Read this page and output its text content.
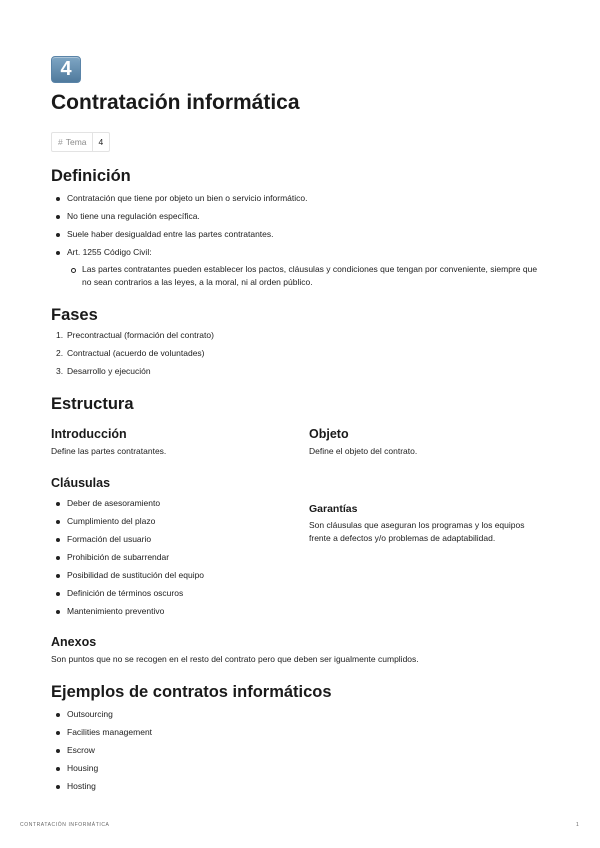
4
Contratación informática
# Tema	4
Definición
Contratación que tiene por objeto un bien o servicio informático.
No tiene una regulación específica.
Suele haber desigualdad entre las partes contratantes.
Art. 1255 Código Civil:
Las partes contratantes pueden establecer los pactos, cláusulas y condiciones que tengan por conveniente, siempre que
no sean contrarios a las leyes, a la moral, ni al orden público.
Fases
1. Precontractual (formación del contrato)
2. Contractual (acuerdo de voluntades)
3. Desarrollo y ejecución
Estructura
Introducción
Define las partes contratantes.
Objeto
Define el objeto del contrato.
Cláusulas
Deber de asesoramiento
Cumplimiento del plazo
Formación del usuario
Prohibición de subarrendar
Posibilidad de sustitución del equipo
Definición de términos oscuros
Mantenimiento preventivo
Garantías
Son cláusulas que aseguran los programas y los equipos
frente a defectos y/o problemas de adaptabilidad.
Anexos
Son puntos que no se recogen en el resto del contrato pero que deben ser igualmente cumplidos.
Ejemplos de contratos informáticos
Outsourcing
Facilities management
Escrow
Housing
Hosting
CONTRATACIÓN INFORMÁTICA	1
